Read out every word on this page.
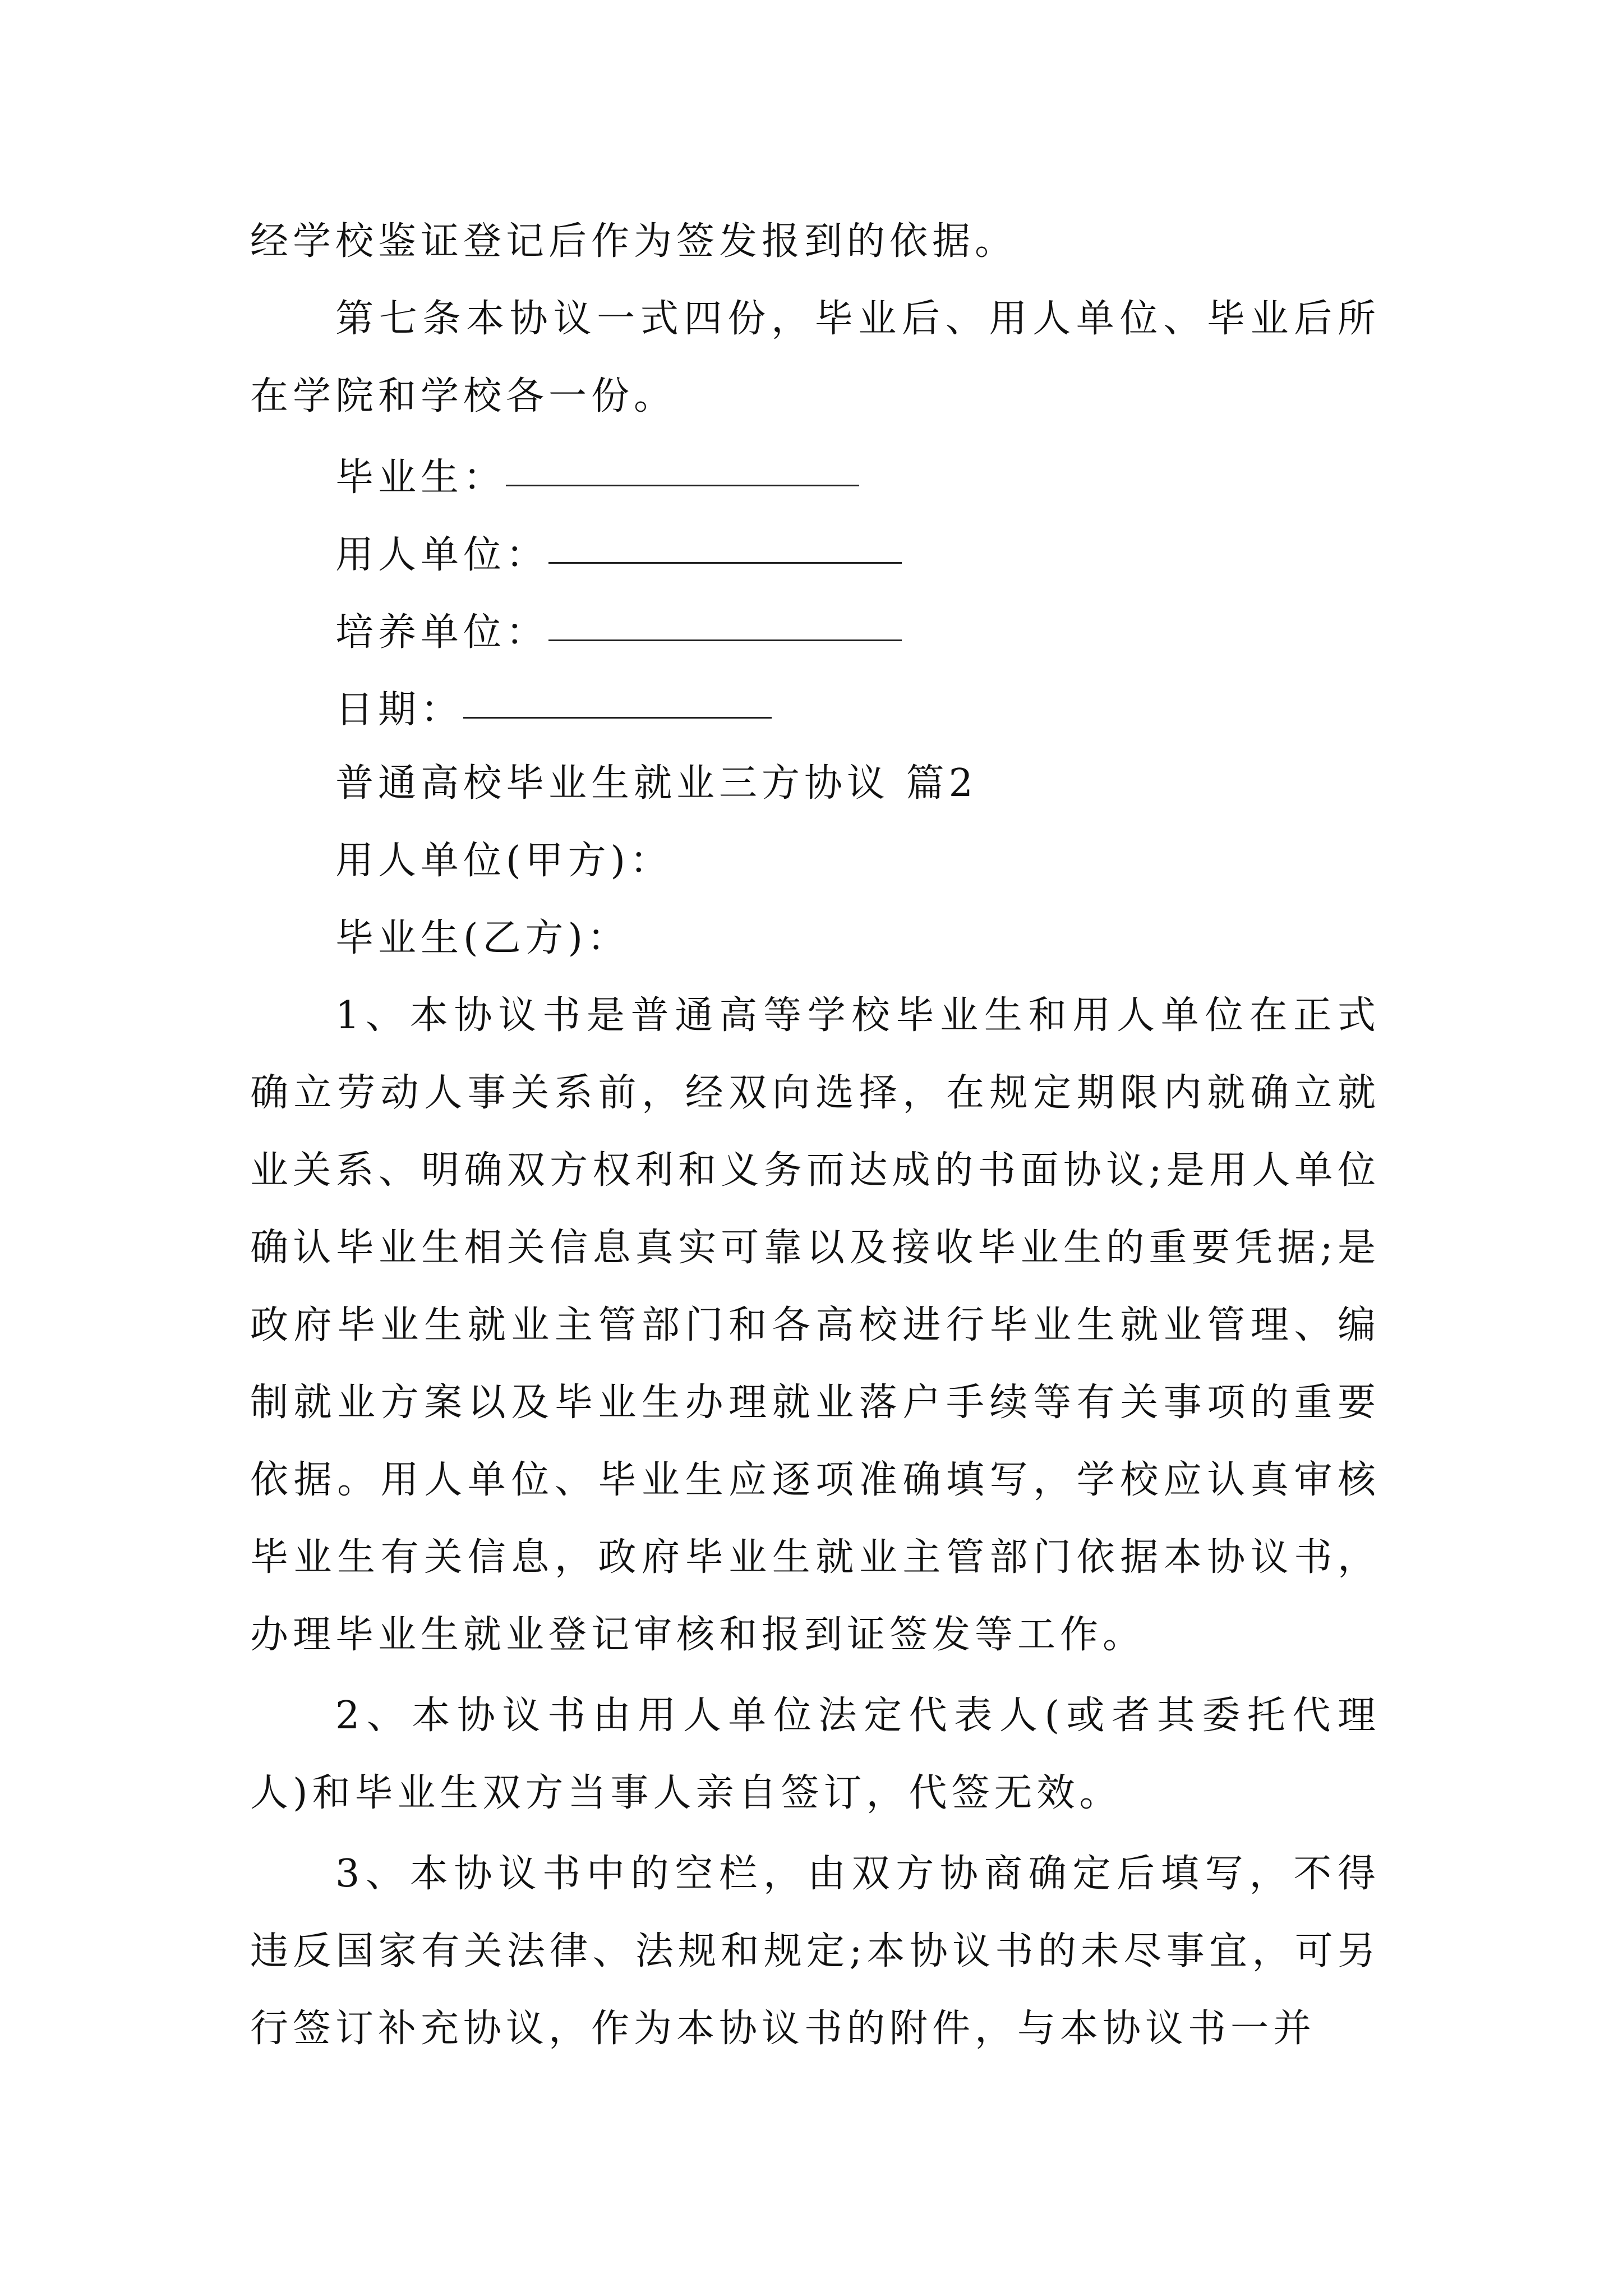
经学校鉴证登记后作为签发报到的依据。

第七条本协议一式四份，毕业后、用人单位、毕业后所在学院和学校各一份。

毕业生：
用人单位：
培养单位：
日期：

普通高校毕业生就业三方协议 篇2

用人单位(甲方)：

毕业生(乙方)：

1、本协议书是普通高等学校毕业生和用人单位在正式确立劳动人事关系前，经双向选择，在规定期限内就确立就业关系、明确双方权利和义务而达成的书面协议;是用人单位确认毕业生相关信息真实可靠以及接收毕业生的重要凭据;是政府毕业生就业主管部门和各高校进行毕业生就业管理、编制就业方案以及毕业生办理就业落户手续等有关事项的重要依据。用人单位、毕业生应逐项准确填写，学校应认真审核毕业生有关信息，政府毕业生就业主管部门依据本协议书，办理毕业生就业登记审核和报到证签发等工作。

2、本协议书由用人单位法定代表人(或者其委托代理人)和毕业生双方当事人亲自签订，代签无效。

3、本协议书中的空栏，由双方协商确定后填写，不得违反国家有关法律、法规和规定;本协议书的未尽事宜，可另行签订补充协议，作为本协议书的附件，与本协议书一并
